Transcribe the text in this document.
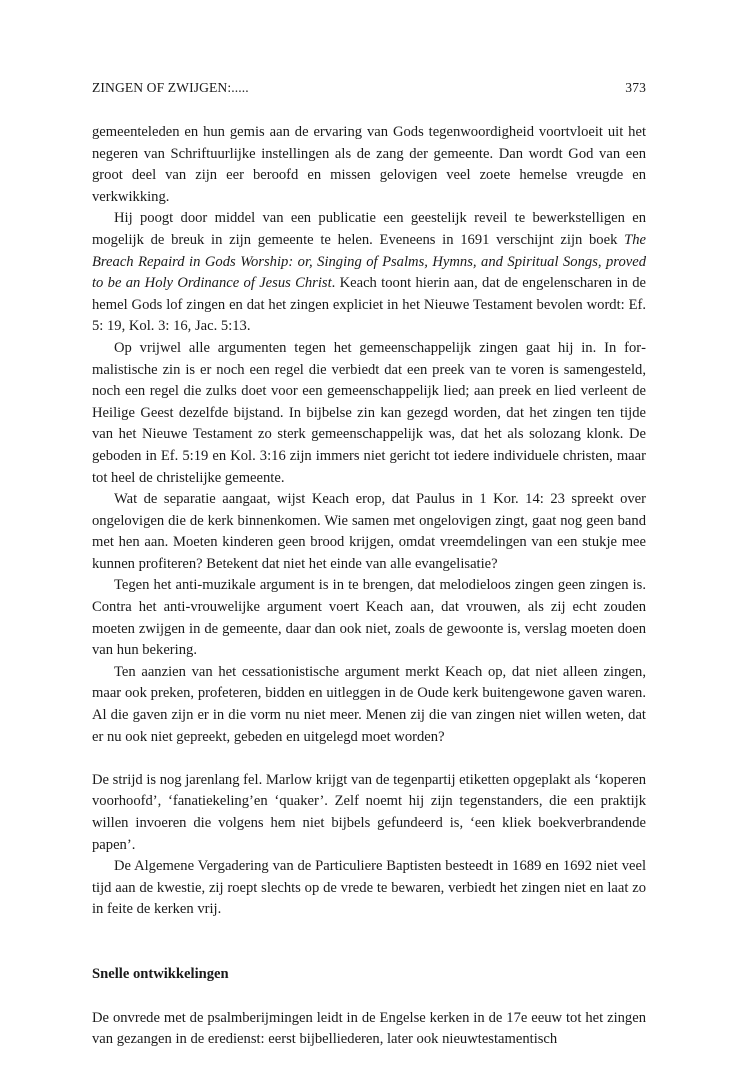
ZINGEN OF ZWIJGEN:.....	373

gemeenteleden en hun gemis aan de ervaring van Gods tegenwoordigheid voortvloeit uit het negeren van Schriftuurlijke instellingen als de zang der gemeente. Dan wordt God van een groot deel van zijn eer beroofd en missen gelovigen veel zoete hemelse vreugde en verkwikking.

Hij poogt door middel van een publicatie een geestelijk reveil te bewerkstelligen en mogelijk de breuk in zijn gemeente te helen. Eveneens in 1691 verschijnt zijn boek The Breach Repaird in Gods Worship: or, Singing of Psalms, Hymns, and Spiritual Songs, proved to be an Holy Ordinance of Jesus Christ. Keach toont hierin aan, dat de engelenscharen in de hemel Gods lof zingen en dat het zingen expliciet in het Nieuwe Testament bevolen wordt: Ef. 5: 19, Kol. 3: 16, Jac. 5:13.

Op vrijwel alle argumenten tegen het gemeenschappelijk zingen gaat hij in. In formalistische zin is er noch een regel die verbiedt dat een preek van te voren is samengesteld, noch een regel die zulks doet voor een gemeenschappelijk lied; aan preek en lied verleent de Heilige Geest dezelfde bijstand. In bijbelse zin kan gezegd worden, dat het zingen ten tijde van het Nieuwe Testament zo sterk gemeenschappelijk was, dat het als solozang klonk. De geboden in Ef. 5:19 en Kol. 3:16 zijn immers niet gericht tot iedere individuele christen, maar tot heel de christelijke gemeente.

Wat de separatie aangaat, wijst Keach erop, dat Paulus in 1 Kor. 14: 23 spreekt over ongelovigen die de kerk binnenkomen. Wie samen met ongelovigen zingt, gaat nog geen band met hen aan. Moeten kinderen geen brood krijgen, omdat vreemdelingen van een stukje mee kunnen profiteren? Betekent dat niet het einde van alle evangelisatie?

Tegen het anti-muzikale argument is in te brengen, dat melodieloos zingen geen zingen is. Contra het anti-vrouwelijke argument voert Keach aan, dat vrouwen, als zij echt zouden moeten zwijgen in de gemeente, daar dan ook niet, zoals de gewoonte is, verslag moeten doen van hun bekering.

Ten aanzien van het cessationistische argument merkt Keach op, dat niet alleen zingen, maar ook preken, profeteren, bidden en uitleggen in de Oude kerk buitengewone gaven waren. Al die gaven zijn er in die vorm nu niet meer. Menen zij die van zingen niet willen weten, dat er nu ook niet gepreekt, gebeden en uitgelegd moet worden?

De strijd is nog jarenlang fel. Marlow krijgt van de tegenpartij etiketten opgeplakt als ‘koperen voorhoofd’, ‘fanatiekeling’en ‘quaker’. Zelf noemt hij zijn tegenstanders, die een praktijk willen invoeren die volgens hem niet bijbels gefundeerd is, ‘een kliek boekverbrandende papen’.

De Algemene Vergadering van de Particuliere Baptisten besteedt in 1689 en 1692 niet veel tijd aan de kwestie, zij roept slechts op de vrede te bewaren, verbiedt het zingen niet en laat zo in feite de kerken vrij.

Snelle ontwikkelingen

De onvrede met de psalmberijmingen leidt in de Engelse kerken in de 17e eeuw tot het zingen van gezangen in de eredienst: eerst bijbelliederen, later ook nieuwtestamentisch
